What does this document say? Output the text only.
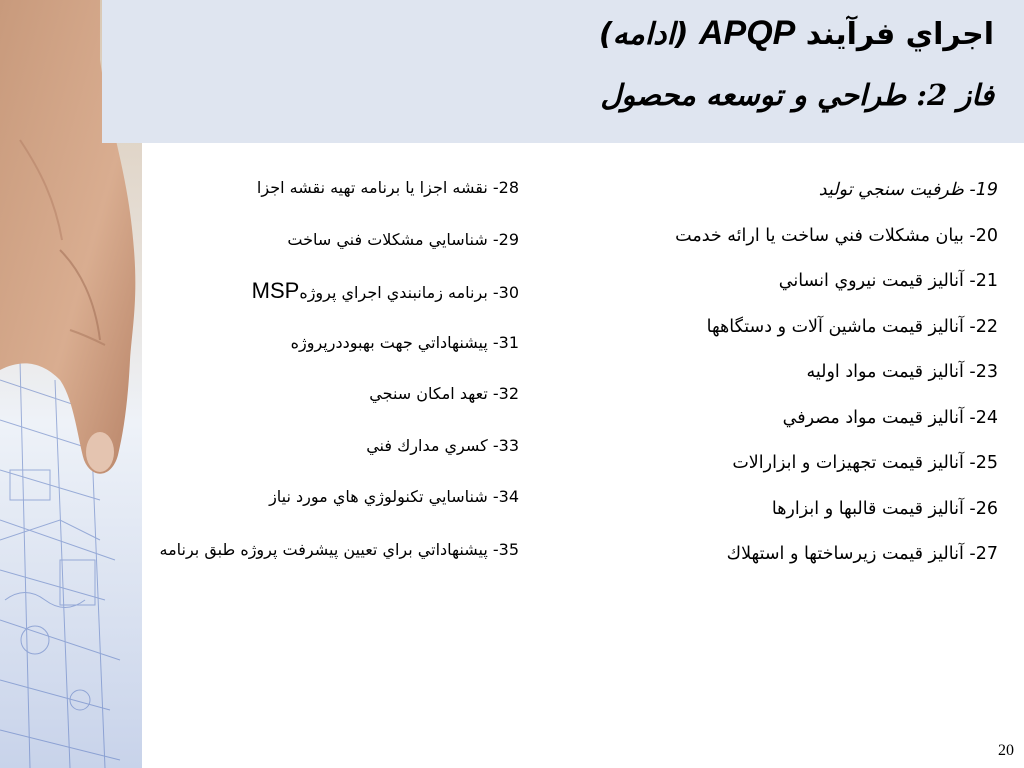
اجراي فرآيند APQP (ادامه)
فاز 2: طراحي و توسعه محصول
19- ظرفيت سنجي توليد
20- بيان مشكلات فني ساخت يا ارائه خدمت
21- آناليز قيمت نيروي انساني
22- آناليز قيمت ماشين آلات و دستگاهها
23- آناليز قيمت مواد اوليه
24- آناليز قيمت مواد مصرفي
25- آناليز قيمت تجهيزات و ابزارالات
26- آناليز قيمت قالبها و ابزارها
27- آناليز قيمت زيرساختها و استهلاك
28- نقشه اجزا يا برنامه تهيه نقشه اجزا
29- شناسايي مشكلات فني ساخت
30- برنامه زمانبندي اجراي پروژهMSP
31- پيشنهاداتي جهت بهبوددرپروژه
32- تعهد امكان سنجي
33- كسري مدارك فني
34- شناسايي تكنولوژي هاي مورد نياز
35- پيشنهاداتي براي تعيين پيشرفت پروژه طبق برنامه
20
